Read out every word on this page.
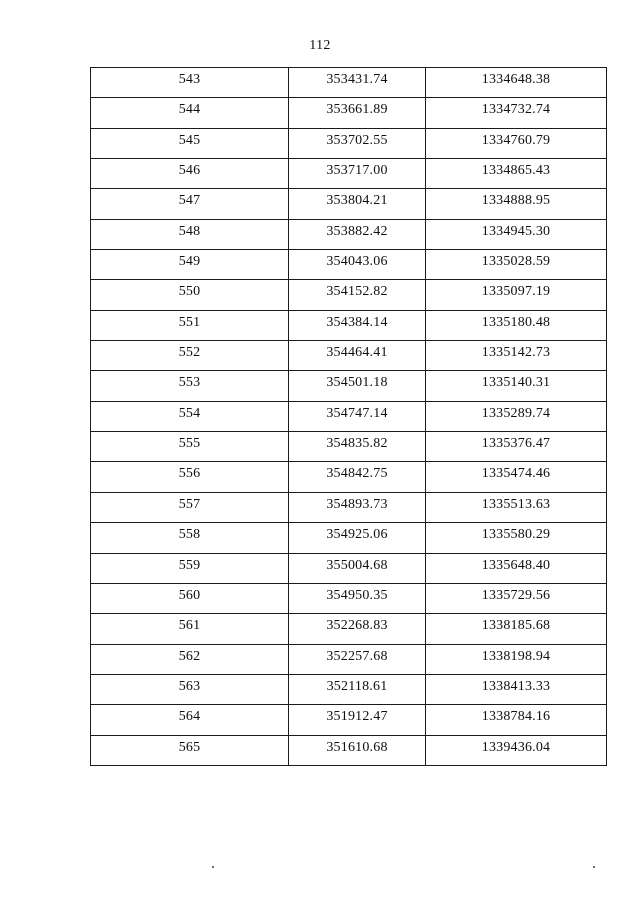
112
543	353431.74	1334648.38
544	353661.89	1334732.74
545	353702.55	1334760.79
546	353717.00	1334865.43
547	353804.21	1334888.95
548	353882.42	1334945.30
549	354043.06	1335028.59
550	354152.82	1335097.19
551	354384.14	1335180.48
552	354464.41	1335142.73
553	354501.18	1335140.31
554	354747.14	1335289.74
555	354835.82	1335376.47
556	354842.75	1335474.46
557	354893.73	1335513.63
558	354925.06	1335580.29
559	355004.68	1335648.40
560	354950.35	1335729.56
561	352268.83	1338185.68
562	352257.68	1338198.94
563	352118.61	1338413.33
564	351912.47	1338784.16
565	351610.68	1339436.04
